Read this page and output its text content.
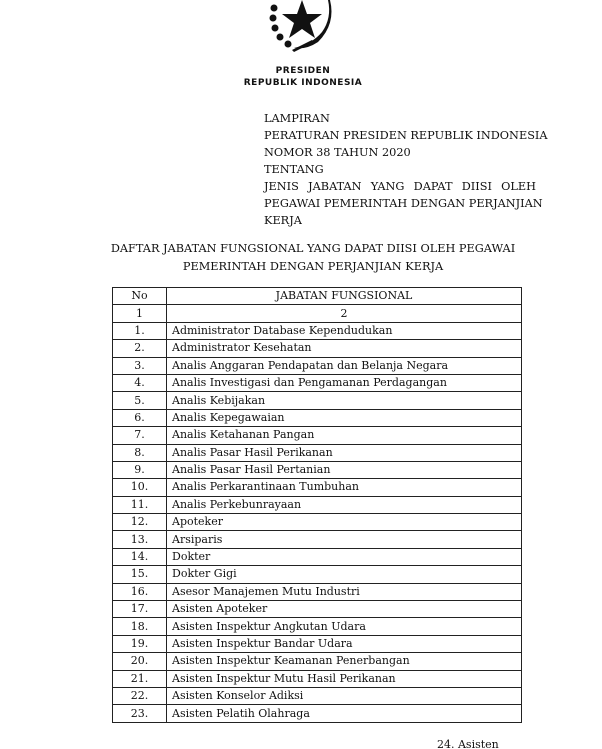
PRESIDEN
REPUBLIK INDONESIA
LAMPIRAN
PERATURAN PRESIDEN REPUBLIK INDONESIA
NOMOR 38 TAHUN 2020
TENTANG
JENIS JABATAN YANG DAPAT DIISI OLEH
PEGAWAI PEMERINTAH DENGAN PERJANJIAN
KERJA
DAFTAR JABATAN FUNGSIONAL YANG DAPAT DIISI OLEH PEGAWAI
PEMERINTAH DENGAN PERJANJIAN KERJA
No	JABATAN FUNGSIONAL
1	2
1.	Administrator Database Kependudukan
2.	Administrator Kesehatan
3.	Analis Anggaran Pendapatan dan Belanja Negara
4.	Analis Investigasi dan Pengamanan Perdagangan
5.	Analis Kebijakan
6.	Analis Kepegawaian
7.	Analis Ketahanan Pangan
8.	Analis Pasar Hasil Perikanan
9.	Analis Pasar Hasil Pertanian
10.	Analis Perkarantinaan Tumbuhan
11.	Analis Perkebunrayaan
12.	Apoteker
13.	Arsiparis
14.	Dokter
15.	Dokter Gigi
16.	Asesor Manajemen Mutu Industri
17.	Asisten Apoteker
18.	Asisten Inspektur Angkutan Udara
19.	Asisten Inspektur Bandar Udara
20.	Asisten Inspektur Keamanan Penerbangan
21.	Asisten Inspektur Mutu Hasil Perikanan
22.	Asisten Konselor Adiksi
23.	Asisten Pelatih Olahraga
24. Asisten
